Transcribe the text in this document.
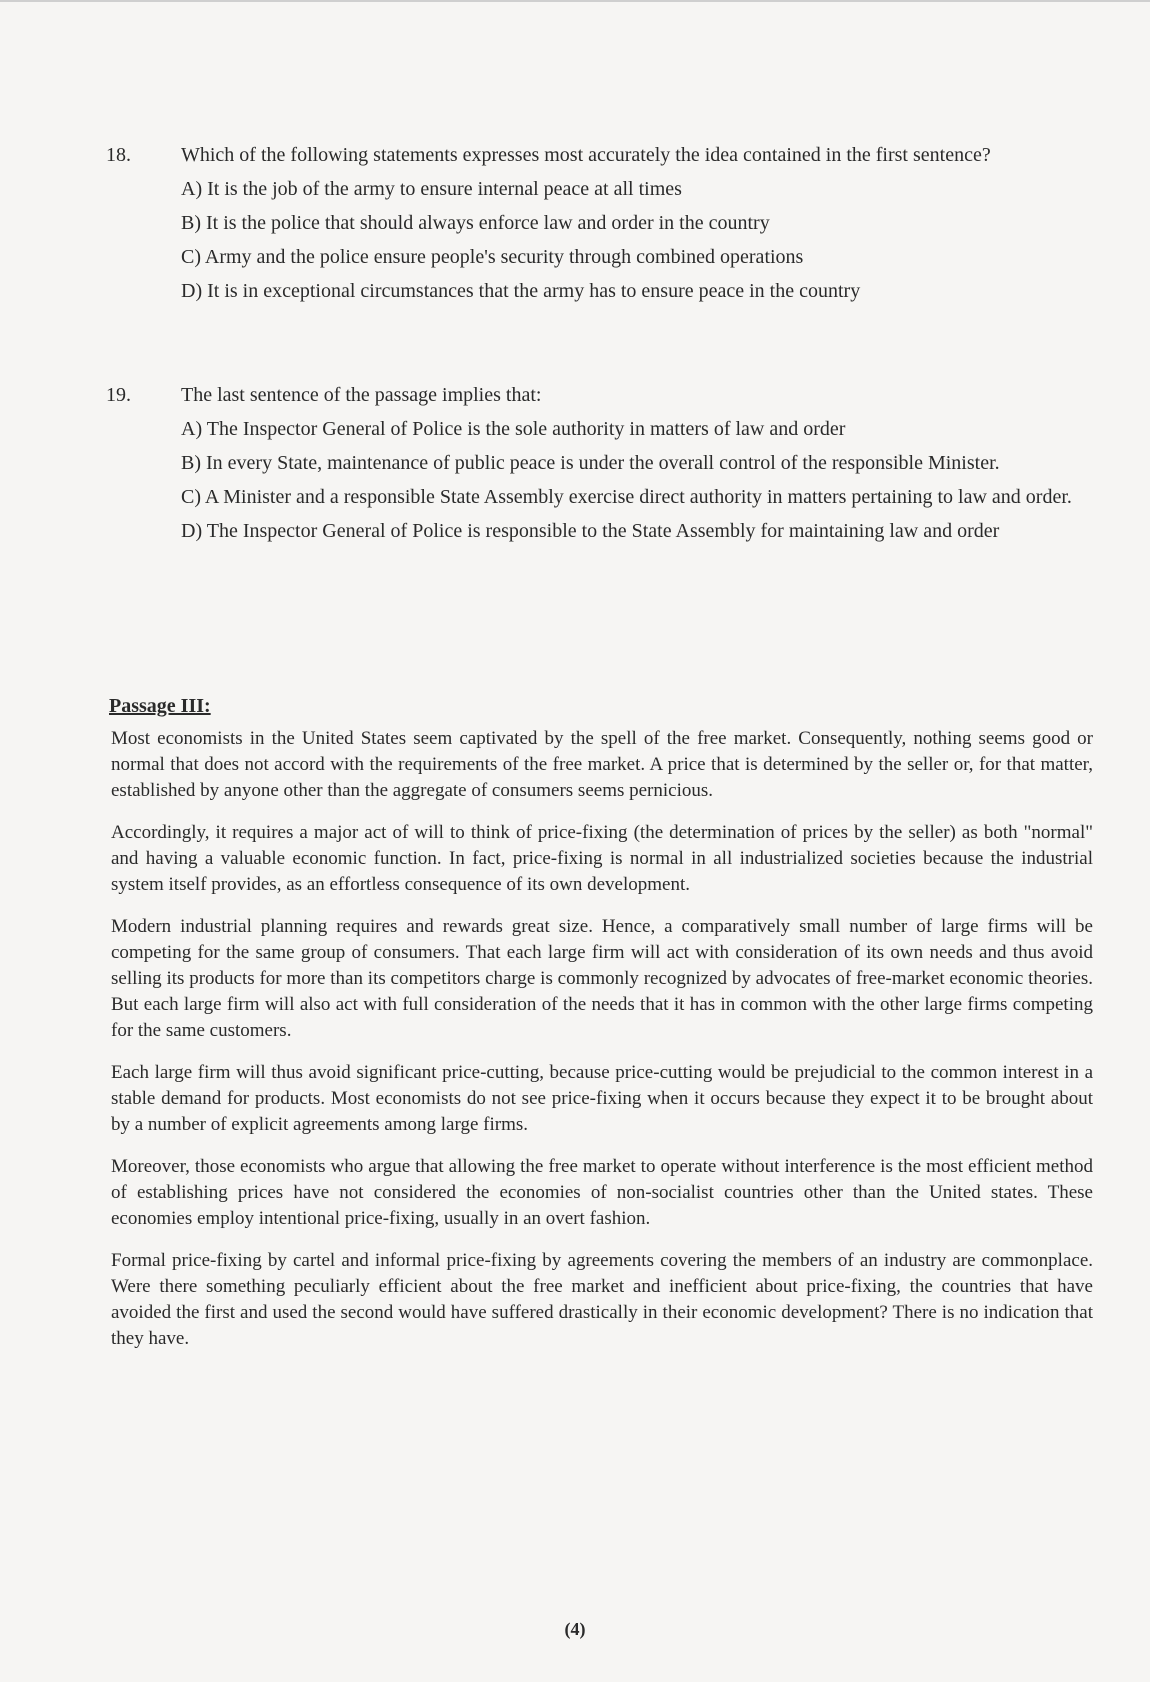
18.	Which of the following statements expresses most accurately the idea contained in the first sentence?
A) It is the job of the army to ensure internal peace at all times
B) It is the police that should always enforce law and order in the country
C) Army and the police ensure people's security through combined operations
D) It is in exceptional circumstances that the army has to ensure peace in the country
19.	The last sentence of the passage implies that:
A) The Inspector General of Police is the sole authority in matters of law and order
B) In every State, maintenance of public peace is under the overall control of the responsible Minister.
C) A Minister and a responsible State Assembly exercise direct authority in matters pertaining to law and order.
D) The Inspector General of Police is responsible to the State Assembly for maintaining law and order
Passage III:

Most economists in the United States seem captivated by the spell of the free market. Consequently, nothing seems good or normal that does not accord with the requirements of the free market. A price that is determined by the seller or, for that matter, established by anyone other than the aggregate of consumers seems pernicious.

Accordingly, it requires a major act of will to think of price-fixing (the determination of prices by the seller) as both "normal" and having a valuable economic function. In fact, price-fixing is normal in all industrialized societies because the industrial system itself provides, as an effortless consequence of its own development.

Modern industrial planning requires and rewards great size. Hence, a comparatively small number of large firms will be competing for the same group of consumers. That each large firm will act with consideration of its own needs and thus avoid selling its products for more than its competitors charge is commonly recognized by advocates of free-market economic theories. But each large firm will also act with full consideration of the needs that it has in common with the other large firms competing for the same customers.

Each large firm will thus avoid significant price-cutting, because price-cutting would be prejudicial to the common interest in a stable demand for products. Most economists do not see price-fixing when it occurs because they expect it to be brought about by a number of explicit agreements among large firms.

Moreover, those economists who argue that allowing the free market to operate without interference is the most efficient method of establishing prices have not considered the economies of non-socialist countries other than the United states. These economies employ intentional price-fixing, usually in an overt fashion.

Formal price-fixing by cartel and informal price-fixing by agreements covering the members of an industry are commonplace. Were there something peculiarly efficient about the free market and inefficient about price-fixing, the countries that have avoided the first and used the second would have suffered drastically in their economic development? There is no indication that they have.

(4)
